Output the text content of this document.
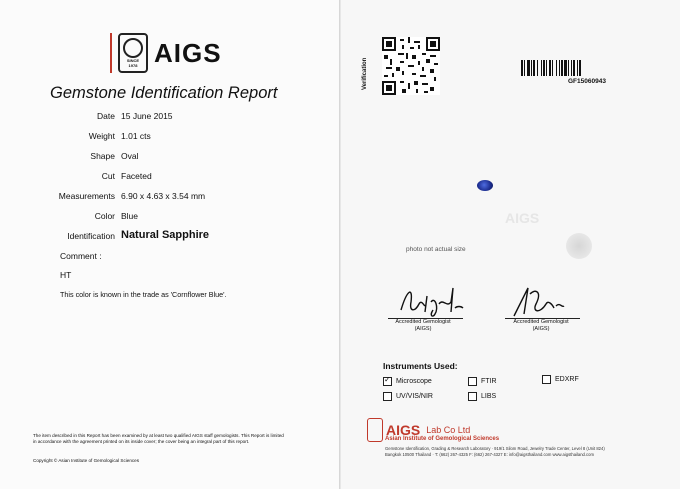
SINCE
1978 AIGS
Gemstone Identification Report
Date 15 June 2015
Weight 1.01 cts
Shape Oval
Cut Faceted
Measurements 6.90 x 4.63 x 3.54 mm
Color Blue
Identification Natural Sapphire
Comment :
HT
This color is known in the trade as 'Cornflower Blue'.
The item described in this Report has been examined by at least two qualified AIGS staff gemologists. This Report is limited in accordance with the agreement printed on its inside cover; the cover being an integral part of this report.
Copyright © Asian Institute of Gemological Sciences
Verification	GF15060943
AIGS
photo not actual size
Accredited Gemologist
(AIGS)
Accredited Gemologist
(AIGS)
Instruments Used:
✓
Microscope	FTIR	EDXRF
UV/VIS/NIR	LIBS
AIGS Lab Co Ltd
Asian Institute of Gemological Sciences
Gemstone Identification, Grading & Research Laboratory · 919/1 Silom Road, Jewelry Trade Center, Level 8 (Unit 824) Bangkok 10500 Thailand · T: (662) 267-4325 F: (662) 267-4327 E: info@aigsthailand.com www.aigsthailand.com
